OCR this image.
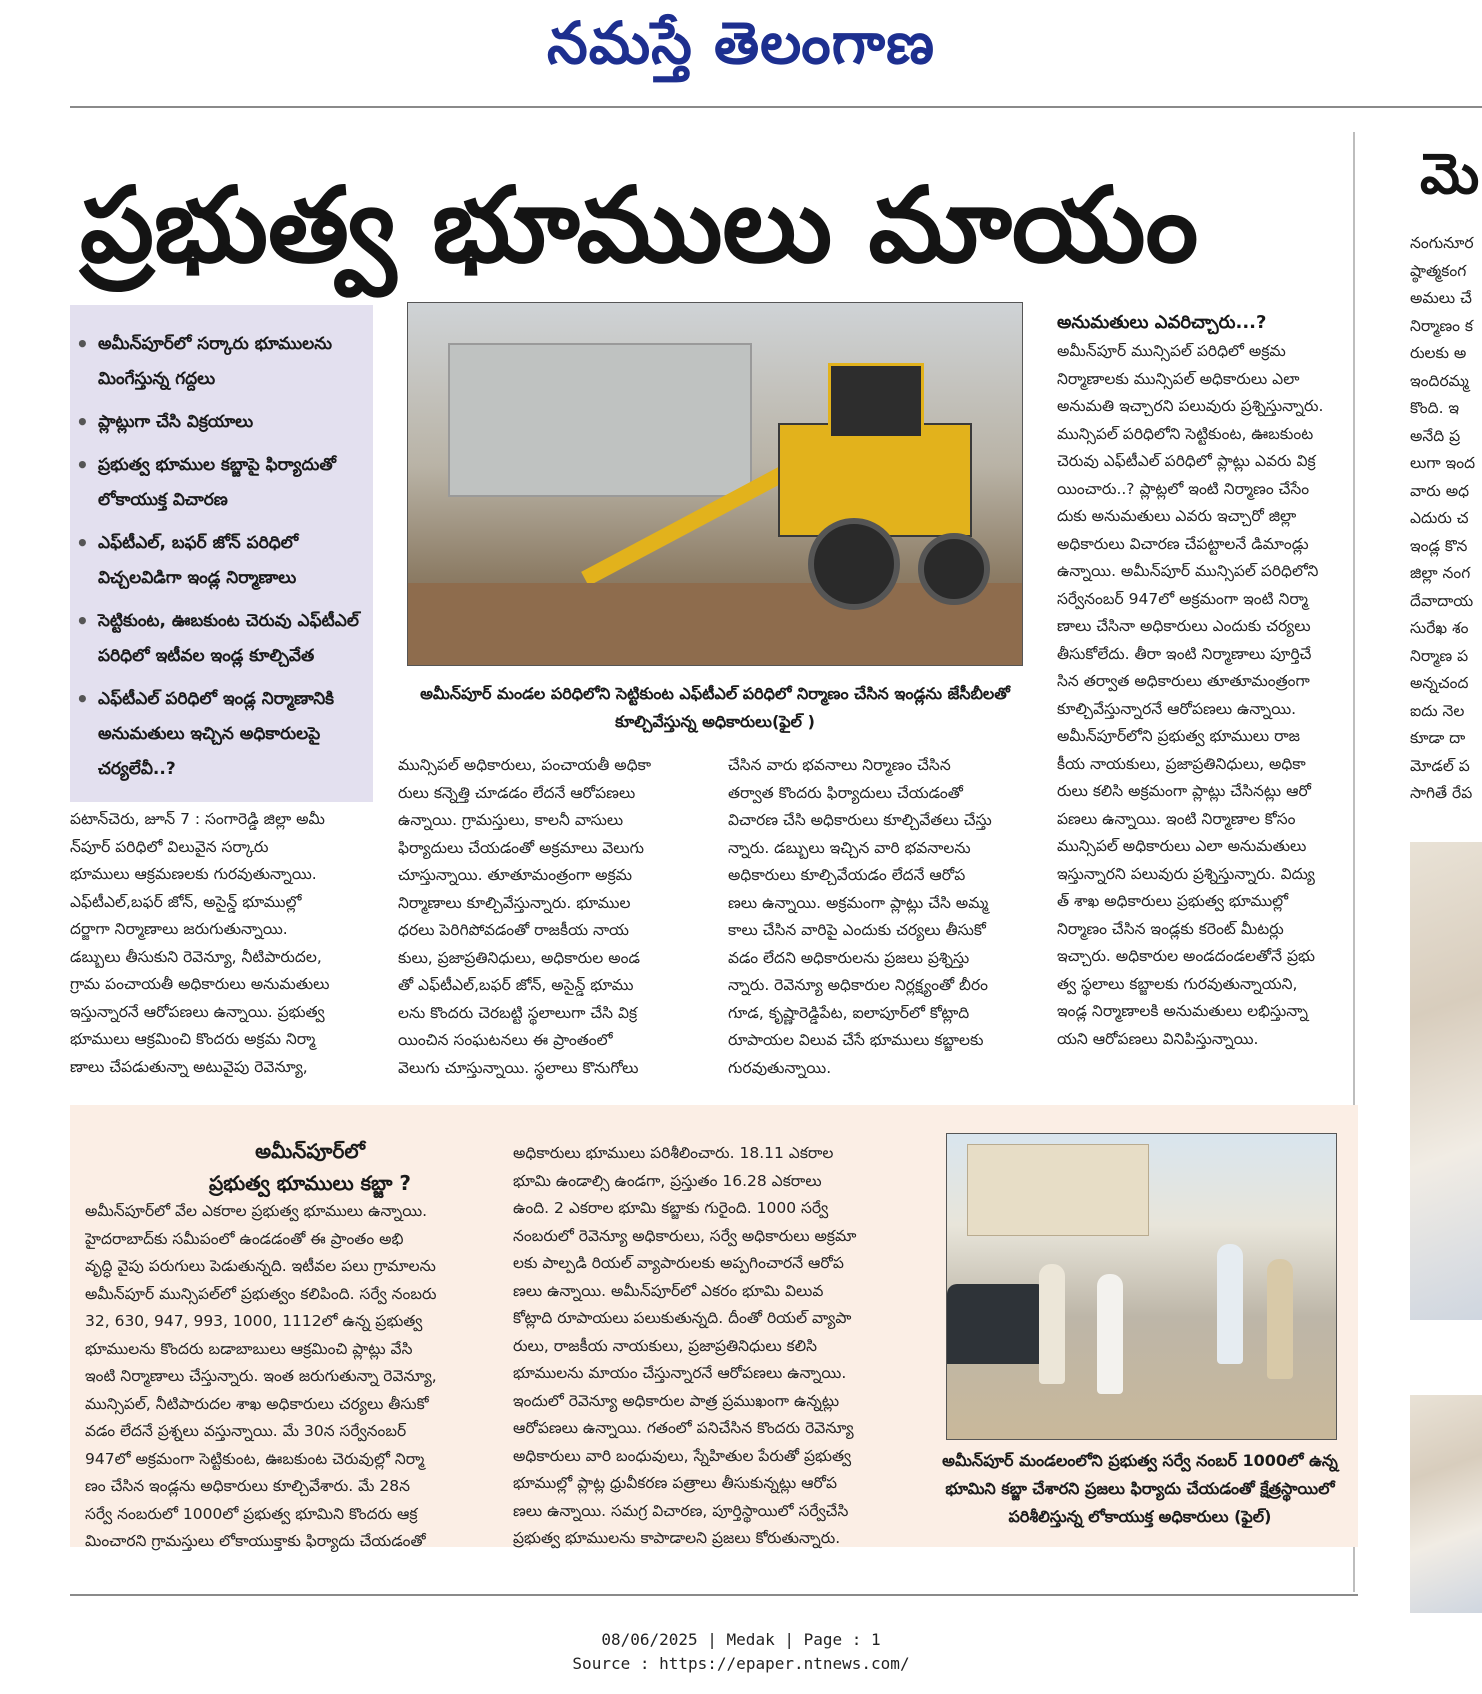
నమస్తే తెలంగాణ
ప్రభుత్వ భూములు మాయం	మె

నంగునూర

ష్ఠాత్మకంగ

అమలు చే

నిర్మాణం క

రులకు అ

ఇందిరమ్మ

కొంది. ఇ

అనేది ప్ర

లుగా ఇంద

వారు అధ

ఎదురు చ

ఇండ్ల కొన

జిల్లా నంగ

దేవాదాయ

సురేఖ శం

నిర్మాణ ప

అన్నచంద

ఐదు నెల

కూడా దా

మోడల్ ప

సాగితే రేప

• అమీన్‌పూర్‌లో సర్కారు భూములను మింగేస్తున్న గద్దలు
• ప్లాట్లుగా చేసి విక్రయాలు
• ప్రభుత్వ భూముల కబ్జాపై ఫిర్యాదుతో లోకాయుక్త విచారణ
• ఎఫ్‌టీఎల్, బఫర్ జోన్ పరిధిలో విచ్చలవిడిగా ఇండ్ల నిర్మాణాలు
• సెట్టికుంట, ఊబకుంట చెరువు ఎఫ్‌టీఎల్ పరిధిలో ఇటీవల ఇండ్ల కూల్చివేత
• ఎఫ్‌టీఎల్ పరిధిలో ఇండ్ల నిర్మాణానికి అనుమతులు ఇచ్చిన అధికారులపై చర్యలేవీ..?
అమీన్‌పూర్ మండల పరిధిలోని సెట్టికుంట ఎఫ్‌టీఎల్ పరిధిలో నిర్మాణం చేసిన ఇండ్లను జేసీబీలతో కూల్చివేస్తున్న అధికారులు(ఫైల్ )

పటాన్‌చెరు, జూన్ 7 : సంగారెడ్డి జిల్లా అమీ

న్‌పూర్ పరిధిలో విలువైన సర్కారు

భూములు ఆక్రమణలకు గురవుతున్నాయి.

ఎఫ్‌టీఎల్,బఫర్ జోన్, అసైన్డ్ భూముల్లో

దర్జాగా నిర్మాణాలు జరుగుతున్నాయి.

డబ్బులు తీసుకుని రెవెన్యూ, నీటిపారుదల,

గ్రామ పంచాయతీ అధికారులు అనుమతులు

ఇస్తున్నారనే ఆరోపణలు ఉన్నాయి. ప్రభుత్వ

భూములు ఆక్రమించి కొందరు అక్రమ నిర్మా

ణాలు చేపడుతున్నా అటువైపు రెవెన్యూ,

మున్సిపల్ అధికారులు, పంచాయతీ అధికా

రులు కన్నెత్తి చూడడం లేదనే ఆరోపణలు

ఉన్నాయి. గ్రామస్తులు, కాలనీ వాసులు

ఫిర్యాదులు చేయడంతో అక్రమాలు వెలుగు

చూస్తున్నాయి. తూతూమంత్రంగా అక్రమ

నిర్మాణాలు కూల్చివేస్తున్నారు. భూముల

ధరలు పెరిగిపోవడంతో రాజకీయ నాయ

కులు, ప్రజాప్రతినిధులు, అధికారుల అండ

తో ఎఫ్‌టీఎల్,బఫర్ జోన్, అసైన్డ్ భూము

లను కొందరు చెరబట్టి స్థలాలుగా చేసి విక్ర

యించిన సంఘటనలు ఈ ప్రాంతంలో

వెలుగు చూస్తున్నాయి. స్థలాలు కొనుగోలు

చేసిన వారు భవనాలు నిర్మాణం చేసిన

తర్వాత కొందరు ఫిర్యాదులు చేయడంతో

విచారణ చేసి అధికారులు కూల్చివేతలు చేస్తు

న్నారు. డబ్బులు ఇచ్చిన వారి భవనాలను

అధికారులు కూల్చివేయడం లేదనే ఆరోప

ణలు ఉన్నాయి. అక్రమంగా ప్లాట్లు చేసి అమ్మ

కాలు చేసిన వారిపై ఎందుకు చర్యలు తీసుకో

వడం లేదని అధికారులను ప్రజలు ప్రశ్నిస్తు

న్నారు. రెవెన్యూ అధికారుల నిర్లక్ష్యంతో బీరం

గూడ, కృష్ణారెడ్డిపేట, ఐలాపూర్‌లో కోట్లాది

రూపాయల విలువ చేసే భూములు కబ్జాలకు

గురవుతున్నాయి.

అనుమతులు ఎవరిచ్చారు...?

అమీన్‌పూర్ మున్సిపల్ పరిధిలో అక్రమ

నిర్మాణాలకు మున్సిపల్ అధికారులు ఎలా

అనుమతి ఇచ్చారని పలువురు ప్రశ్నిస్తున్నారు.

మున్సిపల్ పరిధిలోని సెట్టికుంట, ఊబకుంట

చెరువు ఎఫ్‌టీఎల్ పరిధిలో ప్లాట్లు ఎవరు విక్ర

యించారు..? ప్లాట్లలో ఇంటి నిర్మాణం చేసేం

దుకు అనుమతులు ఎవరు ఇచ్చారో జిల్లా

అధికారులు విచారణ చేపట్టాలనే డిమాండ్లు

ఉన్నాయి. అమీన్‌పూర్ మున్సిపల్ పరిధిలోని

సర్వేనంబర్ 947లో అక్రమంగా ఇంటి నిర్మా

ణాలు చేసినా అధికారులు ఎందుకు చర్యలు

తీసుకోలేదు. తీరా ఇంటి నిర్మాణాలు పూర్తిచే

సిన తర్వాత అధికారులు తూతూమంత్రంగా

కూల్చివేస్తున్నారనే ఆరోపణలు ఉన్నాయి.

అమీన్‌పూర్‌లోని ప్రభుత్వ భూములు రాజ

కీయ నాయకులు, ప్రజాప్రతినిధులు, అధికా

రులు కలిసి అక్రమంగా ప్లాట్లు చేసినట్లు ఆరో

పణలు ఉన్నాయి. ఇంటి నిర్మాణాల కోసం

మున్సిపల్ అధికారులు ఎలా అనుమతులు

ఇస్తున్నారని పలువురు ప్రశ్నిస్తున్నారు. విద్యు

త్ శాఖ అధికారులు ప్రభుత్వ భూముల్లో

నిర్మాణం చేసిన ఇండ్లకు కరెంట్ మీటర్లు

ఇచ్చారు. అధికారుల అండదండలతోనే ప్రభు

త్వ స్థలాలు కబ్జాలకు గురవుతున్నాయని,

ఇండ్ల నిర్మాణాలకి అనుమతులు లభిస్తున్నా

యని ఆరోపణలు వినిపిస్తున్నాయి.

అమీన్‌పూర్‌లో
ప్రభుత్వ భూములు కబ్జా ?

అమీన్‌పూర్‌లో వేల ఎకరాల ప్రభుత్వ భూములు ఉన్నాయి.

హైదరాబాద్‌కు సమీపంలో ఉండడంతో ఈ ప్రాంతం అభి

వృద్ధి వైపు పరుగులు పెడుతున్నది. ఇటీవల పలు గ్రామాలను

అమీన్‌పూర్ మున్సిపల్‌లో ప్రభుత్వం కలిపింది. సర్వే నంబరు

32, 630, 947, 993, 1000, 1112లో ఉన్న ప్రభుత్వ

భూములను కొందరు బడాబాబులు ఆక్రమించి ప్లాట్లు వేసి

ఇంటి నిర్మాణాలు చేస్తున్నారు. ఇంత జరుగుతున్నా రెవెన్యూ,

మున్సిపల్, నీటిపారుదల శాఖ అధికారులు చర్యలు తీసుకో

వడం లేదనే ప్రశ్నలు వస్తున్నాయి. మే 30న సర్వేనంబర్

947లో అక్రమంగా సెట్టికుంట, ఊబకుంట చెరువుల్లో నిర్మా

ణం చేసిన ఇండ్లను అధికారులు కూల్చివేశారు. మే 28న

సర్వే నంబరులో 1000లో ప్రభుత్వ భూమిని కొందరు ఆక్ర

మించారని గ్రామస్తులు లోకాయుక్తాకు ఫిర్యాదు చేయడంతో

అధికారులు భూములు పరిశీలించారు. 18.11 ఎకరాల

భూమి ఉండాల్సి ఉండగా, ప్రస్తుతం 16.28 ఎకరాలు

ఉంది. 2 ఎకరాల భూమి కబ్జాకు గురైంది. 1000 సర్వే

నంబరులో రెవెన్యూ అధికారులు, సర్వే అధికారులు అక్రమా

లకు పాల్పడి రియల్ వ్యాపారులకు అప్పగించారనే ఆరోప

ణలు ఉన్నాయి. అమీన్‌పూర్‌లో ఎకరం భూమి విలువ

కోట్లాది రూపాయలు పలుకుతున్నది. దీంతో రియల్ వ్యాపా

రులు, రాజకీయ నాయకులు, ప్రజాప్రతినిధులు కలిసి

భూములను మాయం చేస్తున్నారనే ఆరోపణలు ఉన్నాయి.

ఇందులో రెవెన్యూ అధికారుల పాత్ర ప్రముఖంగా ఉన్నట్లు

ఆరోపణలు ఉన్నాయి. గతంలో పనిచేసిన కొందరు రెవెన్యూ

అధికారులు వారి బంధువులు, స్నేహితుల పేరుతో ప్రభుత్వ

భూముల్లో ప్లాట్ల ధ్రువీకరణ పత్రాలు తీసుకున్నట్లు ఆరోప

ణలు ఉన్నాయి. సమగ్ర విచారణ, పూర్తిస్థాయిలో సర్వేచేసి

ప్రభుత్వ భూములను కాపాడాలని ప్రజలు కోరుతున్నారు.

అమీన్‌పూర్ మండలంలోని ప్రభుత్వ సర్వే నంబర్ 1000లో ఉన్న భూమిని కబ్జా చేశారని ప్రజలు ఫిర్యాదు చేయడంతో క్షేత్రస్థాయిలో పరిశీలిస్తున్న లోకాయుక్త అధికారులు (ఫైల్)
08/06/2025 | Medak | Page : 1
Source : https://epaper.ntnews.com/
